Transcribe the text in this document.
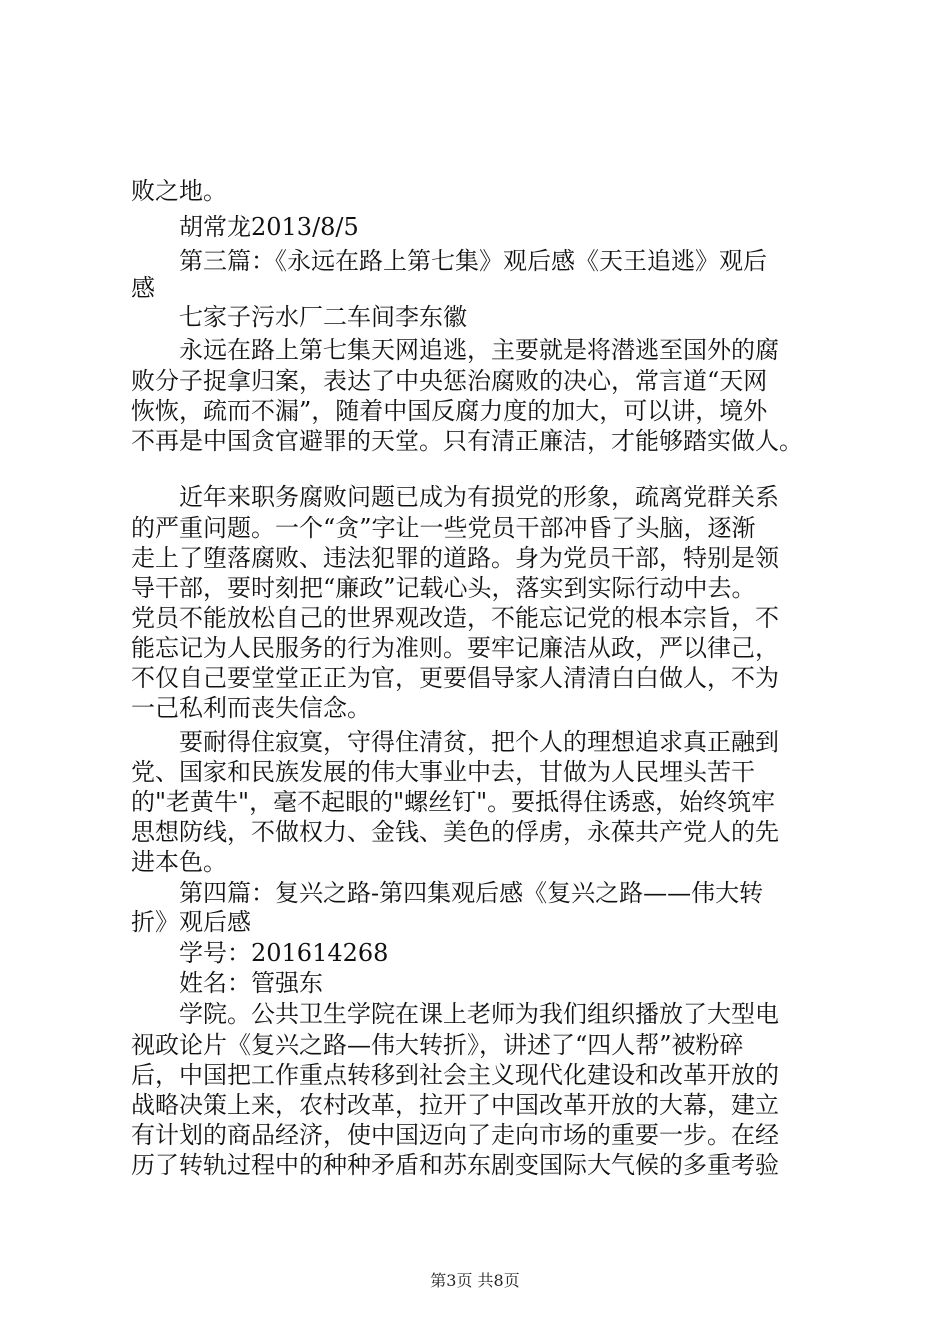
败之地。
胡常龙2013/8/5
第三篇：《永远在路上第七集》观后感《天王追逃》观后
感
七家子污水厂二车间李东徽
永远在路上第七集天网追逃，主要就是将潜逃至国外的腐
败分子捉拿归案，表达了中央惩治腐败的决心，常言道“天网
恢恢，疏而不漏”，随着中国反腐力度的加大，可以讲，境外
不再是中国贪官避罪的天堂。只有清正廉洁，才能够踏实做人。
近年来职务腐败问题已成为有损党的形象，疏离党群关系
的严重问题。一个“贪”字让一些党员干部冲昏了头脑，逐渐
走上了堕落腐败、违法犯罪的道路。身为党员干部，特别是领
导干部，要时刻把“廉政”记载心头，落实到实际行动中去。
党员不能放松自己的世界观改造，不能忘记党的根本宗旨，不
能忘记为人民服务的行为准则。要牢记廉洁从政，严以律己，
不仅自己要堂堂正正为官，更要倡导家人清清白白做人，不为
一己私利而丧失信念。
要耐得住寂寞，守得住清贫，把个人的理想追求真正融到
党、国家和民族发展的伟大事业中去，甘做为人民埋头苦干
的"老黄牛"，毫不起眼的"螺丝钉"。要抵得住诱惑，始终筑牢
思想防线，不做权力、金钱、美色的俘虏，永葆共产党人的先
进本色。
第四篇：复兴之路-第四集观后感《复兴之路——伟大转
折》观后感
学号：201614268
姓名：管强东
学院。公共卫生学院在课上老师为我们组织播放了大型电
视政论片《复兴之路—伟大转折》，讲述了“四人帮”被粉碎
后，中国把工作重点转移到社会主义现代化建设和改革开放的
战略决策上来，农村改革，拉开了中国改革开放的大幕，建立
有计划的商品经济，使中国迈向了走向市场的重要一步。在经
历了转轨过程中的种种矛盾和苏东剧变国际大气候的多重考验
第3页 共8页
